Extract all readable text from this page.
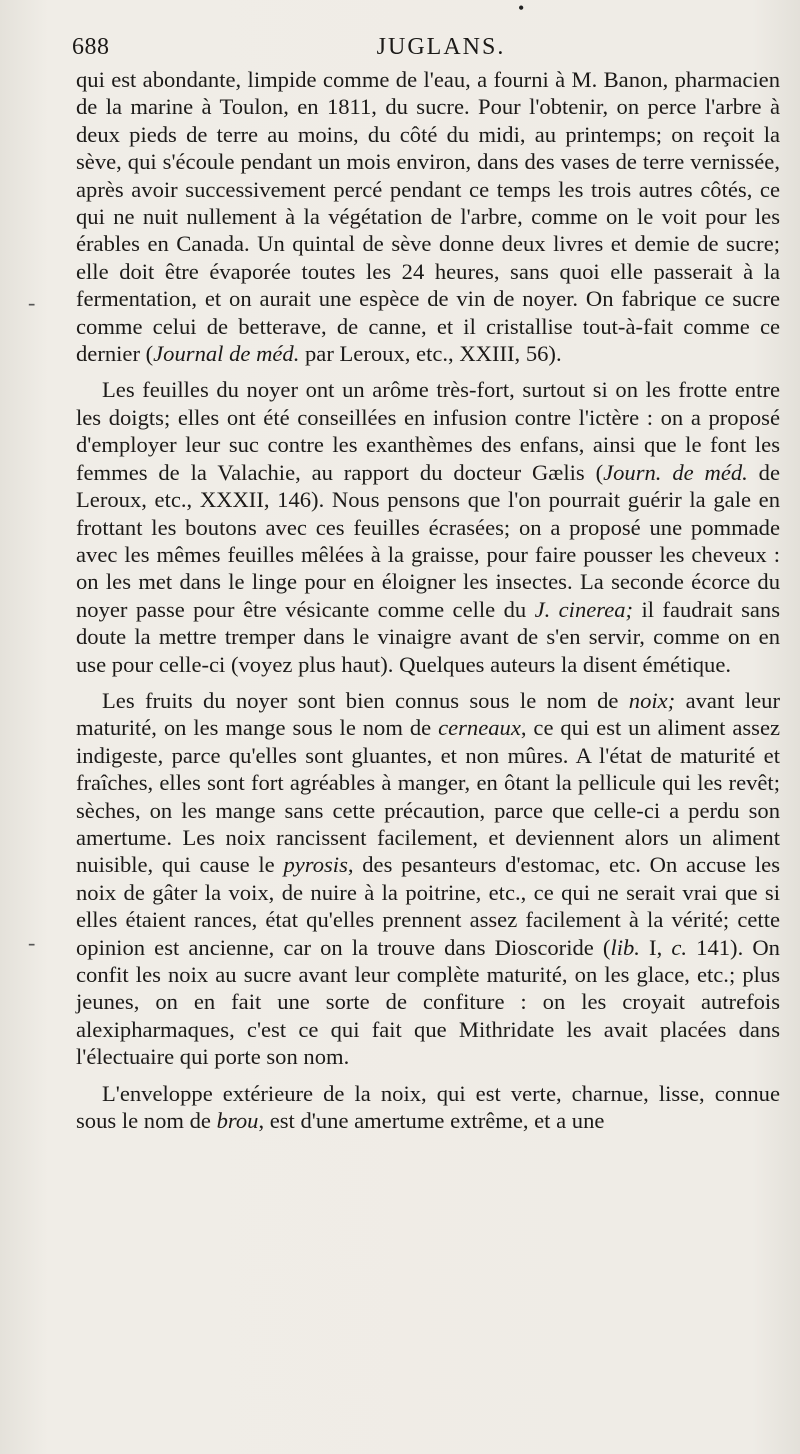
•
-
-
688	JUGLANS.

qui est abondante, limpide comme de l'eau, a fourni à M. Banon, pharmacien de la marine à Toulon, en 1811, du sucre. Pour l'obtenir, on perce l'arbre à deux pieds de terre au moins, du côté du midi, au printemps; on reçoit la sève, qui s'écoule pendant un mois environ, dans des vases de terre vernissée, après avoir successivement percé pendant ce temps les trois autres côtés, ce qui ne nuit nullement à la végétation de l'arbre, comme on le voit pour les érables en Canada. Un quintal de sève donne deux livres et demie de sucre; elle doit être évaporée toutes les 24 heures, sans quoi elle passerait à la fermentation, et on aurait une espèce de vin de noyer. On fabrique ce sucre comme celui de betterave, de canne, et il cristallise tout-à-fait comme ce dernier (Journal de méd. par Leroux, etc., XXIII, 56).

Les feuilles du noyer ont un arôme très-fort, surtout si on les frotte entre les doigts; elles ont été conseillées en infusion contre l'ictère : on a proposé d'employer leur suc contre les exanthèmes des enfans, ainsi que le font les femmes de la Valachie, au rapport du docteur Gælis (Journ. de méd. de Leroux, etc., XXXII, 146). Nous pensons que l'on pourrait guérir la gale en frottant les boutons avec ces feuilles écrasées; on a proposé une pommade avec les mêmes feuilles mêlées à la graisse, pour faire pousser les cheveux : on les met dans le linge pour en éloigner les insectes. La seconde écorce du noyer passe pour être vésicante comme celle du J. cinerea; il faudrait sans doute la mettre tremper dans le vinaigre avant de s'en servir, comme on en use pour celle-ci (voyez plus haut). Quelques auteurs la disent émétique.

Les fruits du noyer sont bien connus sous le nom de noix; avant leur maturité, on les mange sous le nom de cerneaux, ce qui est un aliment assez indigeste, parce qu'elles sont gluantes, et non mûres. A l'état de maturité et fraîches, elles sont fort agréables à manger, en ôtant la pellicule qui les revêt; sèches, on les mange sans cette précaution, parce que celle-ci a perdu son amertume. Les noix rancissent facilement, et deviennent alors un aliment nuisible, qui cause le pyrosis, des pesanteurs d'estomac, etc. On accuse les noix de gâter la voix, de nuire à la poitrine, etc., ce qui ne serait vrai que si elles étaient rances, état qu'elles prennent assez facilement à la vérité; cette opinion est ancienne, car on la trouve dans Dioscoride (lib. I, c. 141). On confit les noix au sucre avant leur complète maturité, on les glace, etc.; plus jeunes, on en fait une sorte de confiture : on les croyait autrefois alexipharmaques, c'est ce qui fait que Mithridate les avait placées dans l'électuaire qui porte son nom.

L'enveloppe extérieure de la noix, qui est verte, charnue, lisse, connue sous le nom de brou, est d'une amertume extrême, et a une
